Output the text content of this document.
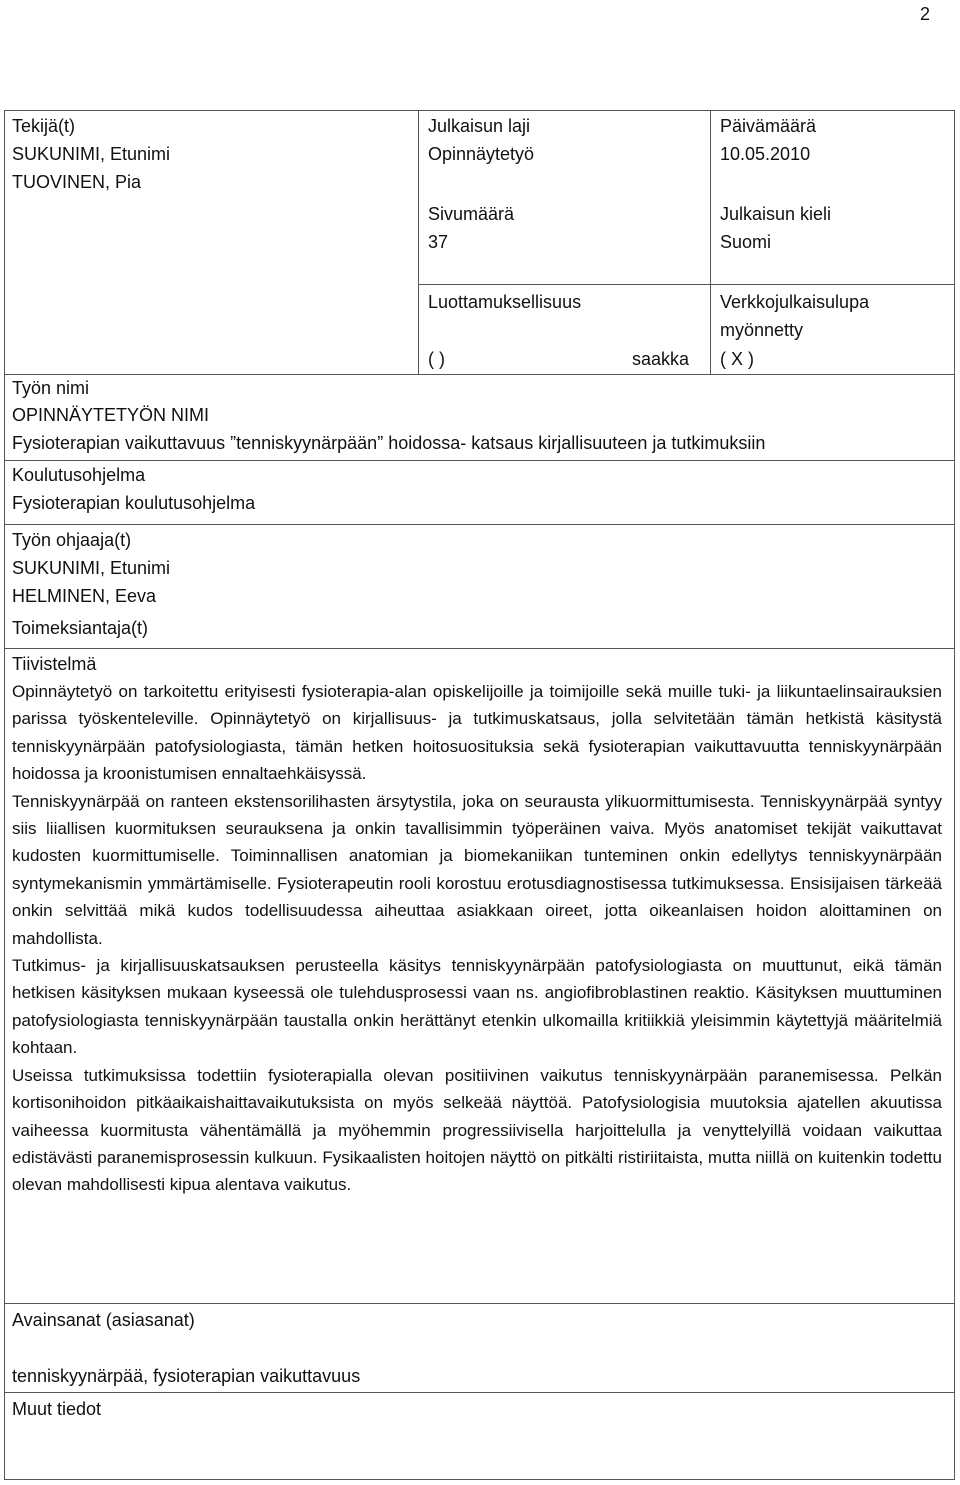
2
Tekijä(t)
SUKUNIMI, Etunimi
TUOVINEN, Pia
Julkaisun laji
Opinnäytetyö
Päivämäärä
10.05.2010
Sivumäärä
37
Julkaisun kieli
Suomi
Luottamuksellisuus
( )	saakka
Verkkojulkaisulupa
myönnetty
( X )
Työn nimi
OPINNÄYTETYÖN NIMI
Fysioterapian vaikuttavuus ”tenniskyynärpään” hoidossa- katsaus kirjallisuuteen ja tutkimuksiin
Koulutusohjelma
Fysioterapian koulutusohjelma
Työn ohjaaja(t)
SUKUNIMI, Etunimi
HELMINEN, Eeva
Toimeksiantaja(t)
Tiivistelmä

Opinnäytetyö on tarkoitettu erityisesti fysioterapia-alan opiskelijoille ja toimijoille sekä muille tuki- ja liikuntaelinsairauksien parissa työskenteleville. Opinnäytetyö on kirjallisuus- ja tutkimuskatsaus, jolla selvitetään tämän hetkistä käsitystä tenniskyynärpään patofysiologiasta, tämän hetken hoitosuosituksia sekä fysioterapian vaikuttavuutta tenniskyynärpään hoidossa ja kroonistumisen ennaltaehkäisyssä.

Tenniskyynärpää on ranteen ekstensorilihasten ärsytystila, joka on seurausta ylikuormittumisesta. Tenniskyynärpää syntyy siis liiallisen kuormituksen seurauksena ja onkin tavallisimmin työperäinen vaiva. Myös anatomiset tekijät vaikuttavat kudosten kuormittumiselle. Toiminnallisen anatomian ja biomekaniikan tunteminen onkin edellytys tenniskyynärpään syntymekanismin ymmärtämiselle. Fysioterapeutin rooli korostuu erotusdiagnostisessa tutkimuksessa. Ensisijaisen tärkeää onkin selvittää mikä kudos todellisuudessa aiheuttaa asiakkaan oireet, jotta oikeanlaisen hoidon aloittaminen on mahdollista.

Tutkimus- ja kirjallisuuskatsauksen perusteella käsitys tenniskyynärpään patofysiologiasta on muuttunut, eikä tämän hetkisen käsityksen mukaan kyseessä ole tulehdusprosessi vaan ns. angiofibroblastinen reaktio. Käsityksen muuttuminen patofysiologiasta tenniskyynärpään taustalla onkin herättänyt etenkin ulkomailla kritiikkiä yleisimmin käytettyjä määritelmiä kohtaan.

Useissa tutkimuksissa todettiin fysioterapialla olevan positiivinen vaikutus tenniskyynärpään paranemisessa. Pelkän kortisonihoidon pitkäaikaishaittavaikutuksista on myös selkeää näyttöä. Patofysiologisia muutoksia ajatellen akuutissa vaiheessa kuormitusta vähentämällä ja myöhemmin progressiivisella harjoittelulla ja venyttelyillä voidaan vaikuttaa edistävästi paranemisprosessin kulkuun. Fysikaalisten hoitojen näyttö on pitkälti ristiriitaista, mutta niillä on kuitenkin todettu olevan mahdollisesti kipua alentava vaikutus.

Avainsanat (asiasanat)
tenniskyynärpää, fysioterapian vaikuttavuus
Muut tiedot
